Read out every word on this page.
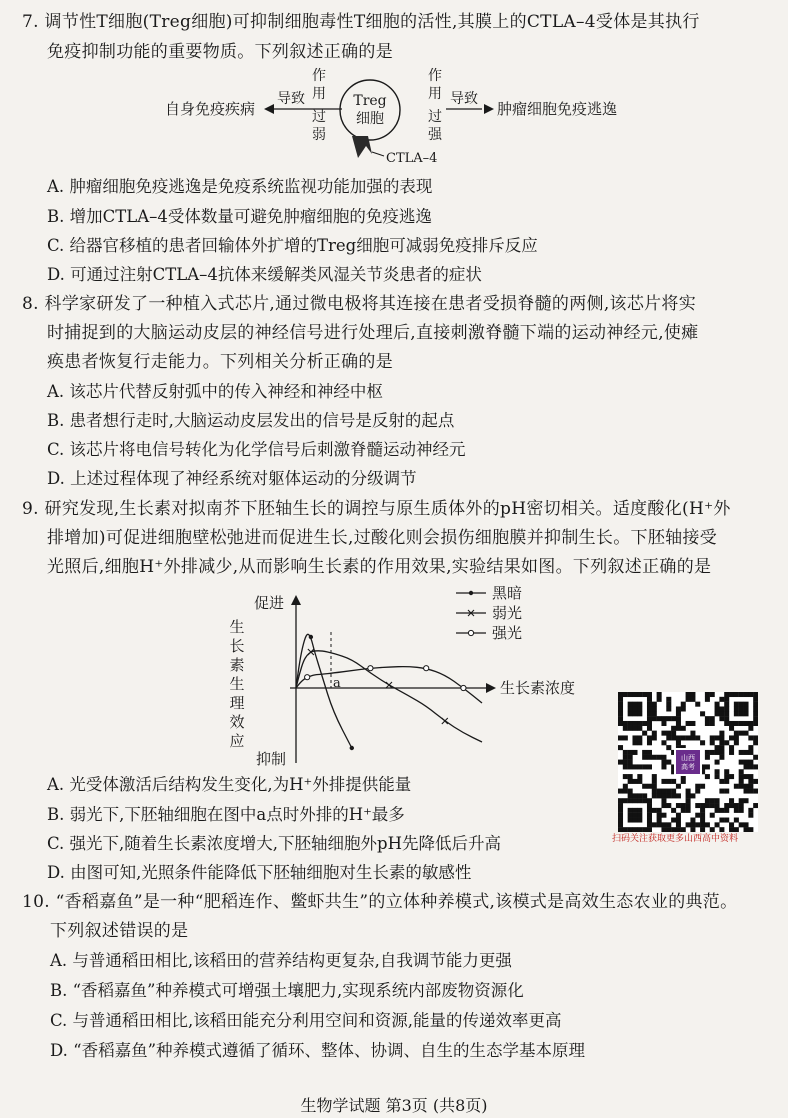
7. 调节性T细胞(Treg细胞)可抑制细胞毒性T细胞的活性,其膜上的CTLA–4受体是其执行
免疫抑制功能的重要物质。下列叙述正确的是
自身免疫疾病
导致
作
用
过
弱
Treg
细胞
CTLA–4
作
用
过
强
导致
肿瘤细胞免疫逃逸
A. 肿瘤细胞免疫逃逸是免疫系统监视功能加强的表现
B. 增加CTLA–4受体数量可避免肿瘤细胞的免疫逃逸
C. 给器官移植的患者回输体外扩增的Treg细胞可减弱免疫排斥反应
D. 可通过注射CTLA–4抗体来缓解类风湿关节炎患者的症状
8. 科学家研发了一种植入式芯片,通过微电极将其连接在患者受损脊髓的两侧,该芯片将实
时捕捉到的大脑运动皮层的神经信号进行处理后,直接刺激脊髓下端的运动神经元,使瘫
痪患者恢复行走能力。下列相关分析正确的是
A. 该芯片代替反射弧中的传入神经和神经中枢
B. 患者想行走时,大脑运动皮层发出的信号是反射的起点
C. 该芯片将电信号转化为化学信号后刺激脊髓运动神经元
D. 上述过程体现了神经系统对躯体运动的分级调节
9. 研究发现,生长素对拟南芥下胚轴生长的调控与原生质体外的pH密切相关。适度酸化(H⁺外
排增加)可促进细胞壁松弛进而促进生长,过酸化则会损伤细胞膜并抑制生长。下胚轴接受
光照后,细胞H⁺外排减少,从而影响生长素的作用效果,实验结果如图。下列叙述正确的是
促进
抑制
生
长
素
生
理
效
应
生长素浓度
a
黑暗
弱光
强光
A. 光受体激活后结构发生变化,为H⁺外排提供能量
B. 弱光下,下胚轴细胞在图中a点时外排的H⁺最多
C. 强光下,随着生长素浓度增大,下胚轴细胞外pH先降低后升高
D. 由图可知,光照条件能降低下胚轴细胞对生长素的敏感性
山西
高考
扫码关注获取更多山西高中资料
10. “香稻嘉鱼”是一种“肥稻连作、鳖虾共生”的立体种养模式,该模式是高效生态农业的典范。
下列叙述错误的是
A. 与普通稻田相比,该稻田的营养结构更复杂,自我调节能力更强
B. “香稻嘉鱼”种养模式可增强土壤肥力,实现系统内部废物资源化
C. 与普通稻田相比,该稻田能充分利用空间和资源,能量的传递效率更高
D. “香稻嘉鱼”种养模式遵循了循环、整体、协调、自生的生态学基本原理
生物学试题 第3页 (共8页)
